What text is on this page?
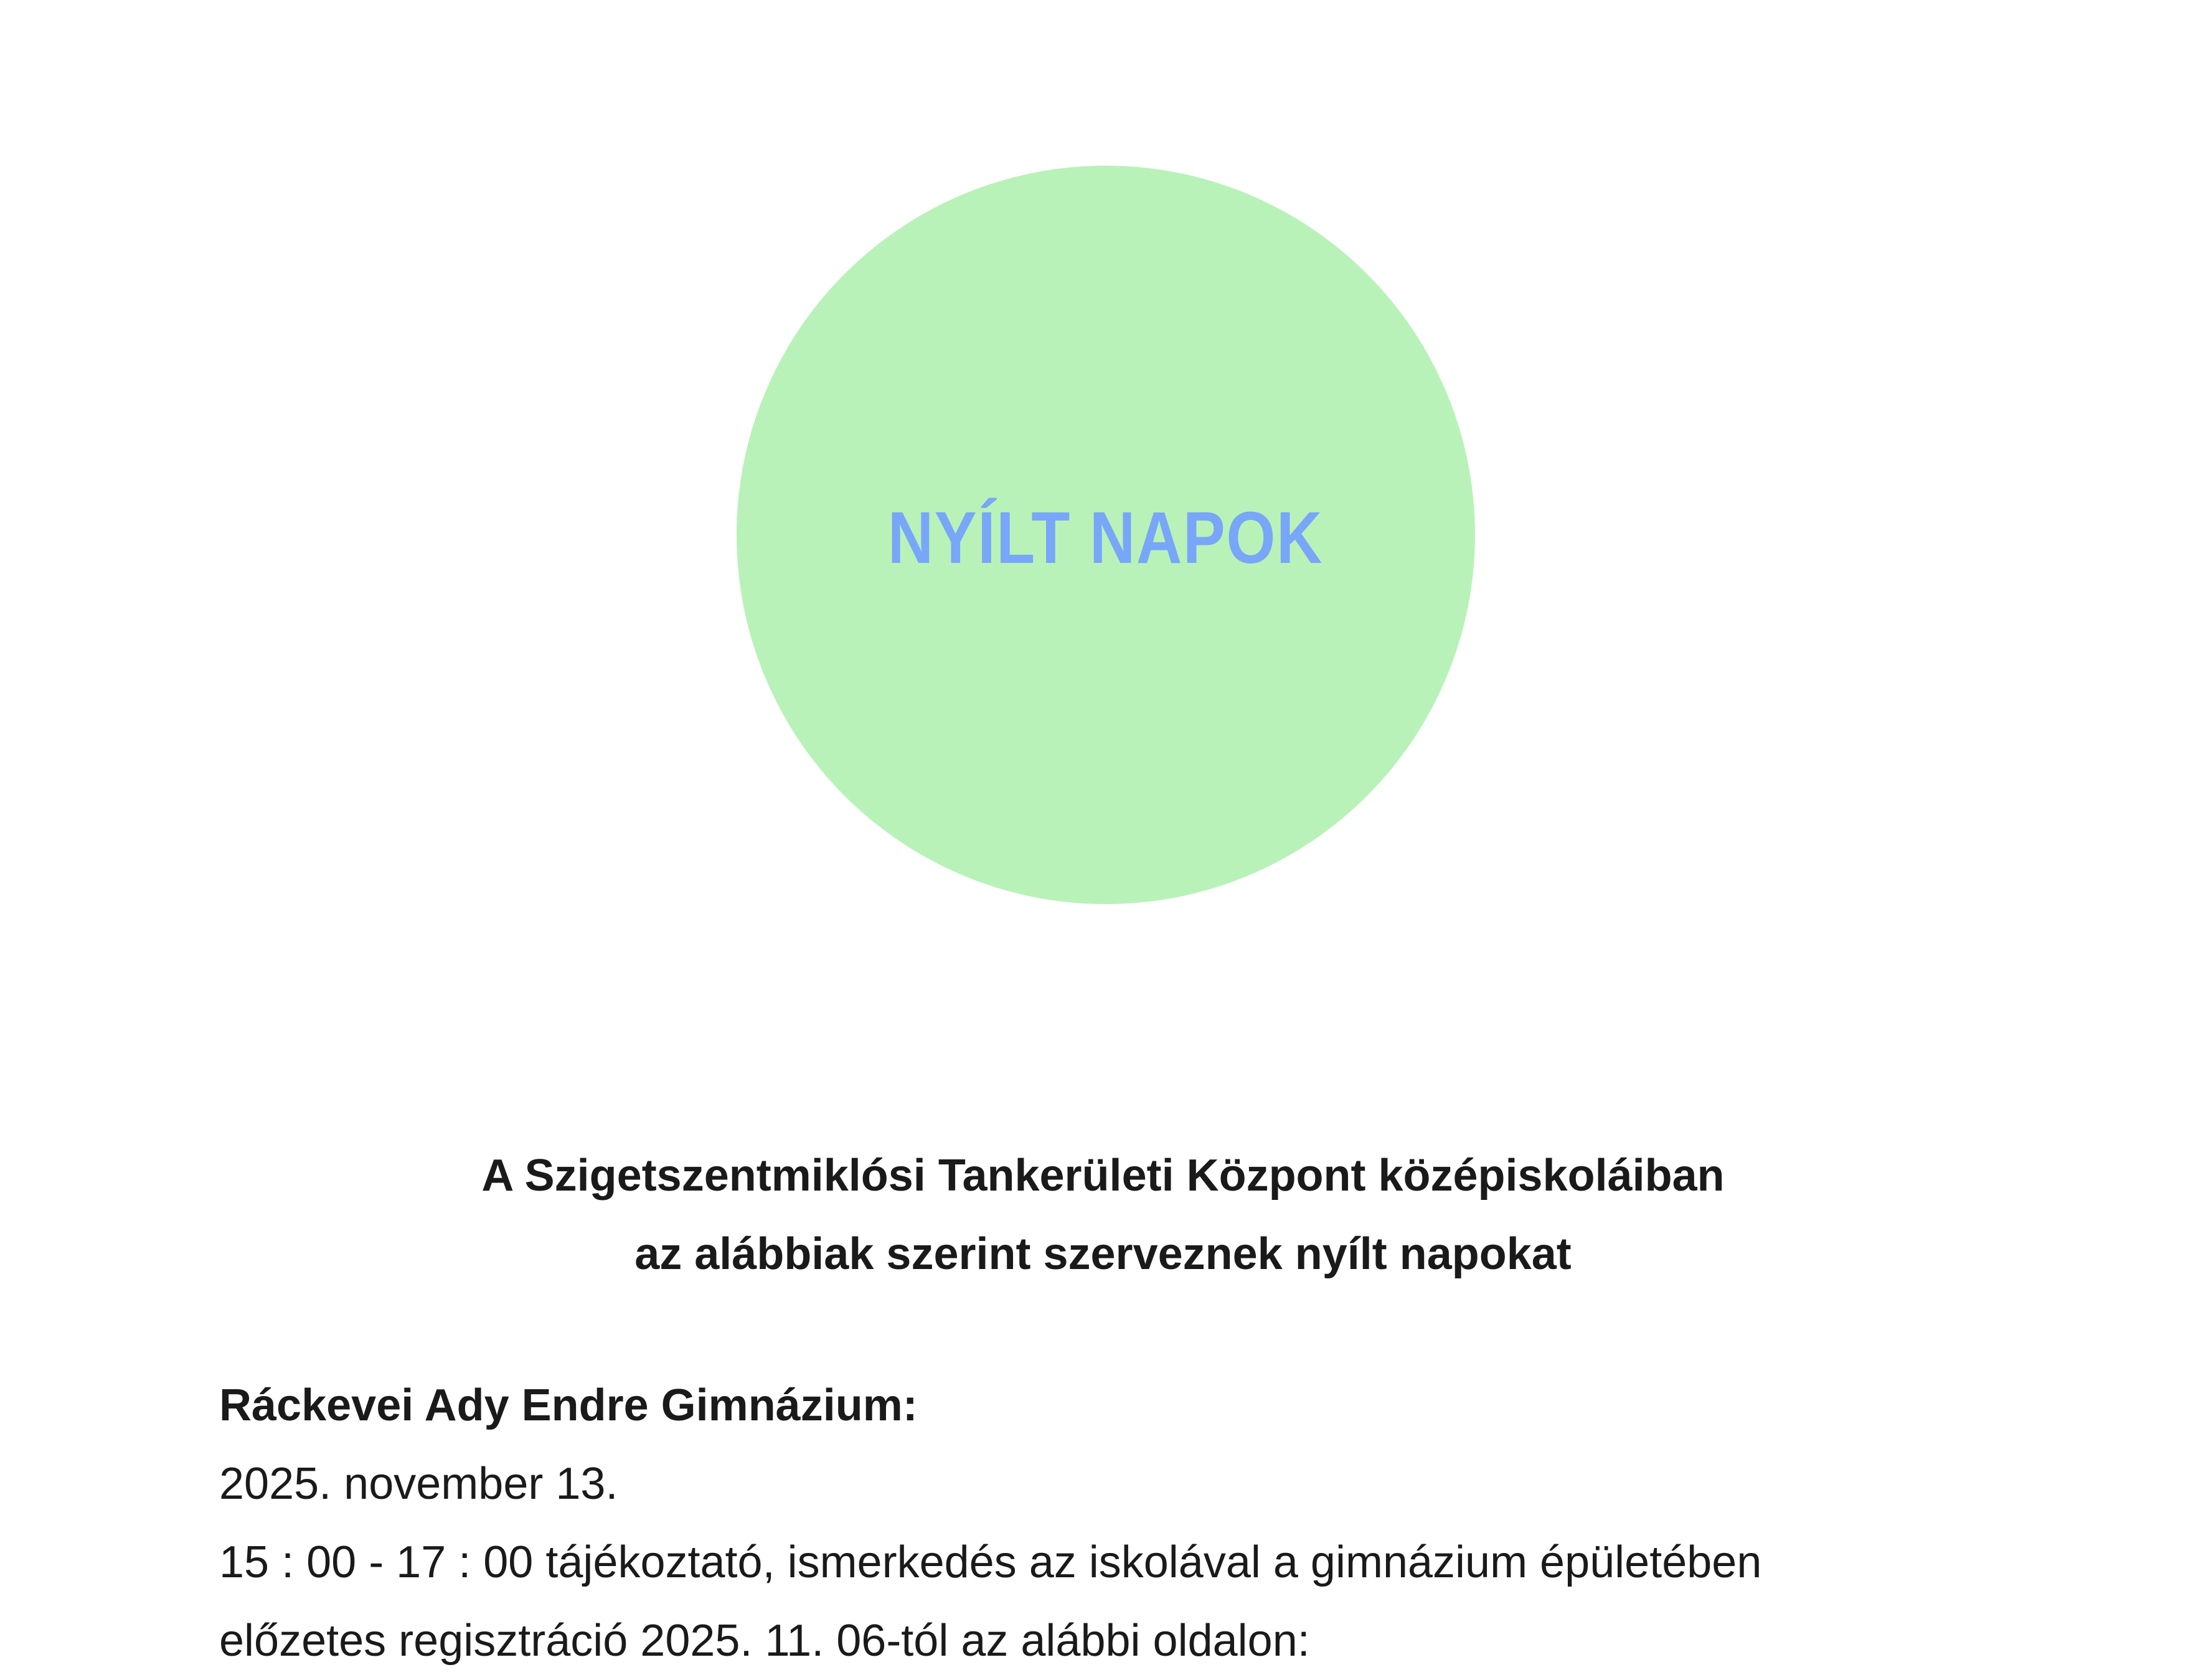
NYÍLT NAPOK
A Szigetszentmiklósi Tankerületi Központ középiskoláiban
az alábbiak szerint szerveznek nyílt napokat
Ráckevei Ady Endre Gimnázium:
2025. november 13.
15 : 00 - 17 : 00 tájékoztató, ismerkedés az iskolával a gimnázium épületében
előzetes regisztráció 2025. 11. 06-tól az alábbi oldalon:
